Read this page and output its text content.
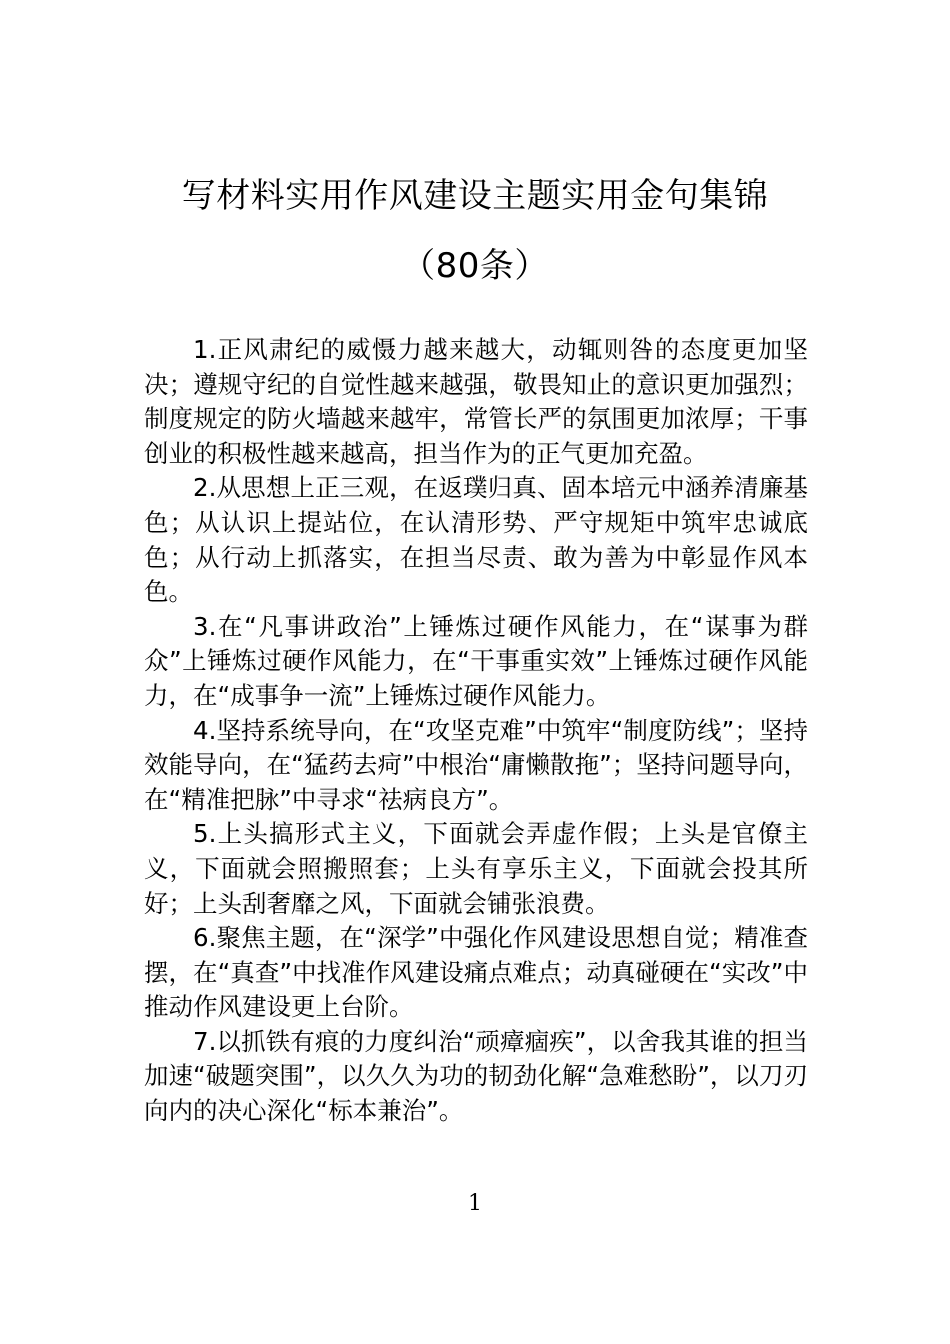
写材料实用作风建设主题实用金句集锦
（80条）

1.正风肃纪的威慑力越来越大，动辄则咎的态度更加坚决；遵规守纪的自觉性越来越强，敬畏知止的意识更加强烈；制度规定的防火墙越来越牢，常管长严的氛围更加浓厚；干事创业的积极性越来越高，担当作为的正气更加充盈。

2.从思想上正三观，在返璞归真、固本培元中涵养清廉基色；从认识上提站位，在认清形势、严守规矩中筑牢忠诚底色；从行动上抓落实，在担当尽责、敢为善为中彰显作风本色。

3.在“凡事讲政治”上锤炼过硬作风能力，在“谋事为群众”上锤炼过硬作风能力，在“干事重实效”上锤炼过硬作风能力，在“成事争一流”上锤炼过硬作风能力。

4.坚持系统导向，在“攻坚克难”中筑牢“制度防线”；坚持效能导向，在“猛药去疴”中根治“庸懒散拖”；坚持问题导向，在“精准把脉”中寻求“祛病良方”。

5.上头搞形式主义，下面就会弄虚作假；上头是官僚主义，下面就会照搬照套；上头有享乐主义，下面就会投其所好；上头刮奢靡之风，下面就会铺张浪费。

6.聚焦主题，在“深学”中强化作风建设思想自觉；精准查摆，在“真查”中找准作风建设痛点难点；动真碰硬在“实改”中推动作风建设更上台阶。

7.以抓铁有痕的力度纠治“顽瘴痼疾”，以舍我其谁的担当加速“破题突围”，以久久为功的韧劲化解“急难愁盼”，以刀刃向内的决心深化“标本兼治”。

1
